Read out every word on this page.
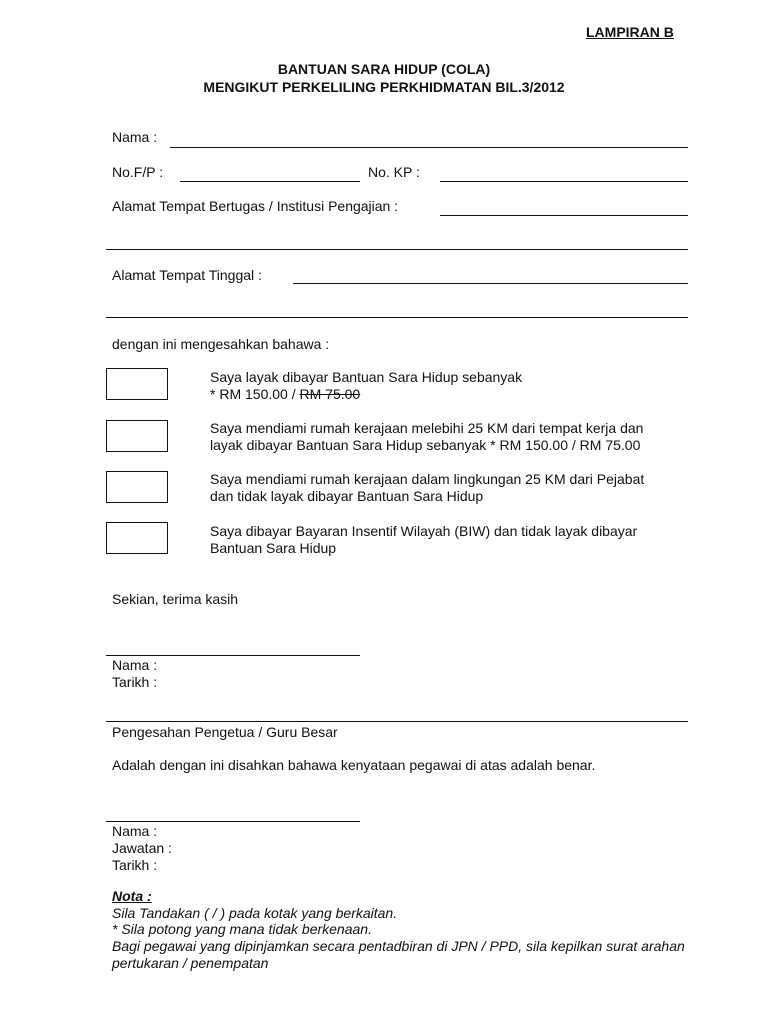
LAMPIRAN B
BANTUAN SARA HIDUP (COLA)
MENGIKUT PERKELILING PERKHIDMATAN BIL.3/2012
Nama :
No.F/P :	No. KP :
Alamat Tempat Bertugas / Institusi Pengajian :
Alamat Tempat Tinggal :
dengan ini mengesahkan bahawa :
Saya layak dibayar Bantuan Sara Hidup sebanyak
* RM 150.00 / RM 75.00
Saya mendiami rumah kerajaan melebihi 25 KM dari tempat kerja dan
layak dibayar Bantuan Sara Hidup sebanyak * RM 150.00 / RM 75.00
Saya mendiami rumah kerajaan dalam lingkungan 25 KM dari Pejabat
dan tidak layak dibayar Bantuan Sara Hidup
Saya dibayar Bayaran Insentif Wilayah (BIW) dan tidak layak dibayar
Bantuan Sara Hidup
Sekian, terima kasih
Nama :
Tarikh :
Pengesahan Pengetua / Guru Besar
Adalah dengan ini disahkan bahawa kenyataan pegawai di atas adalah benar.
Nama :
Jawatan :
Tarikh :
Nota :
Sila Tandakan ( / ) pada kotak yang berkaitan.
* Sila potong yang mana tidak berkenaan.
Bagi pegawai yang dipinjamkan secara pentadbiran di JPN / PPD, sila kepilkan surat arahan
pertukaran / penempatan
